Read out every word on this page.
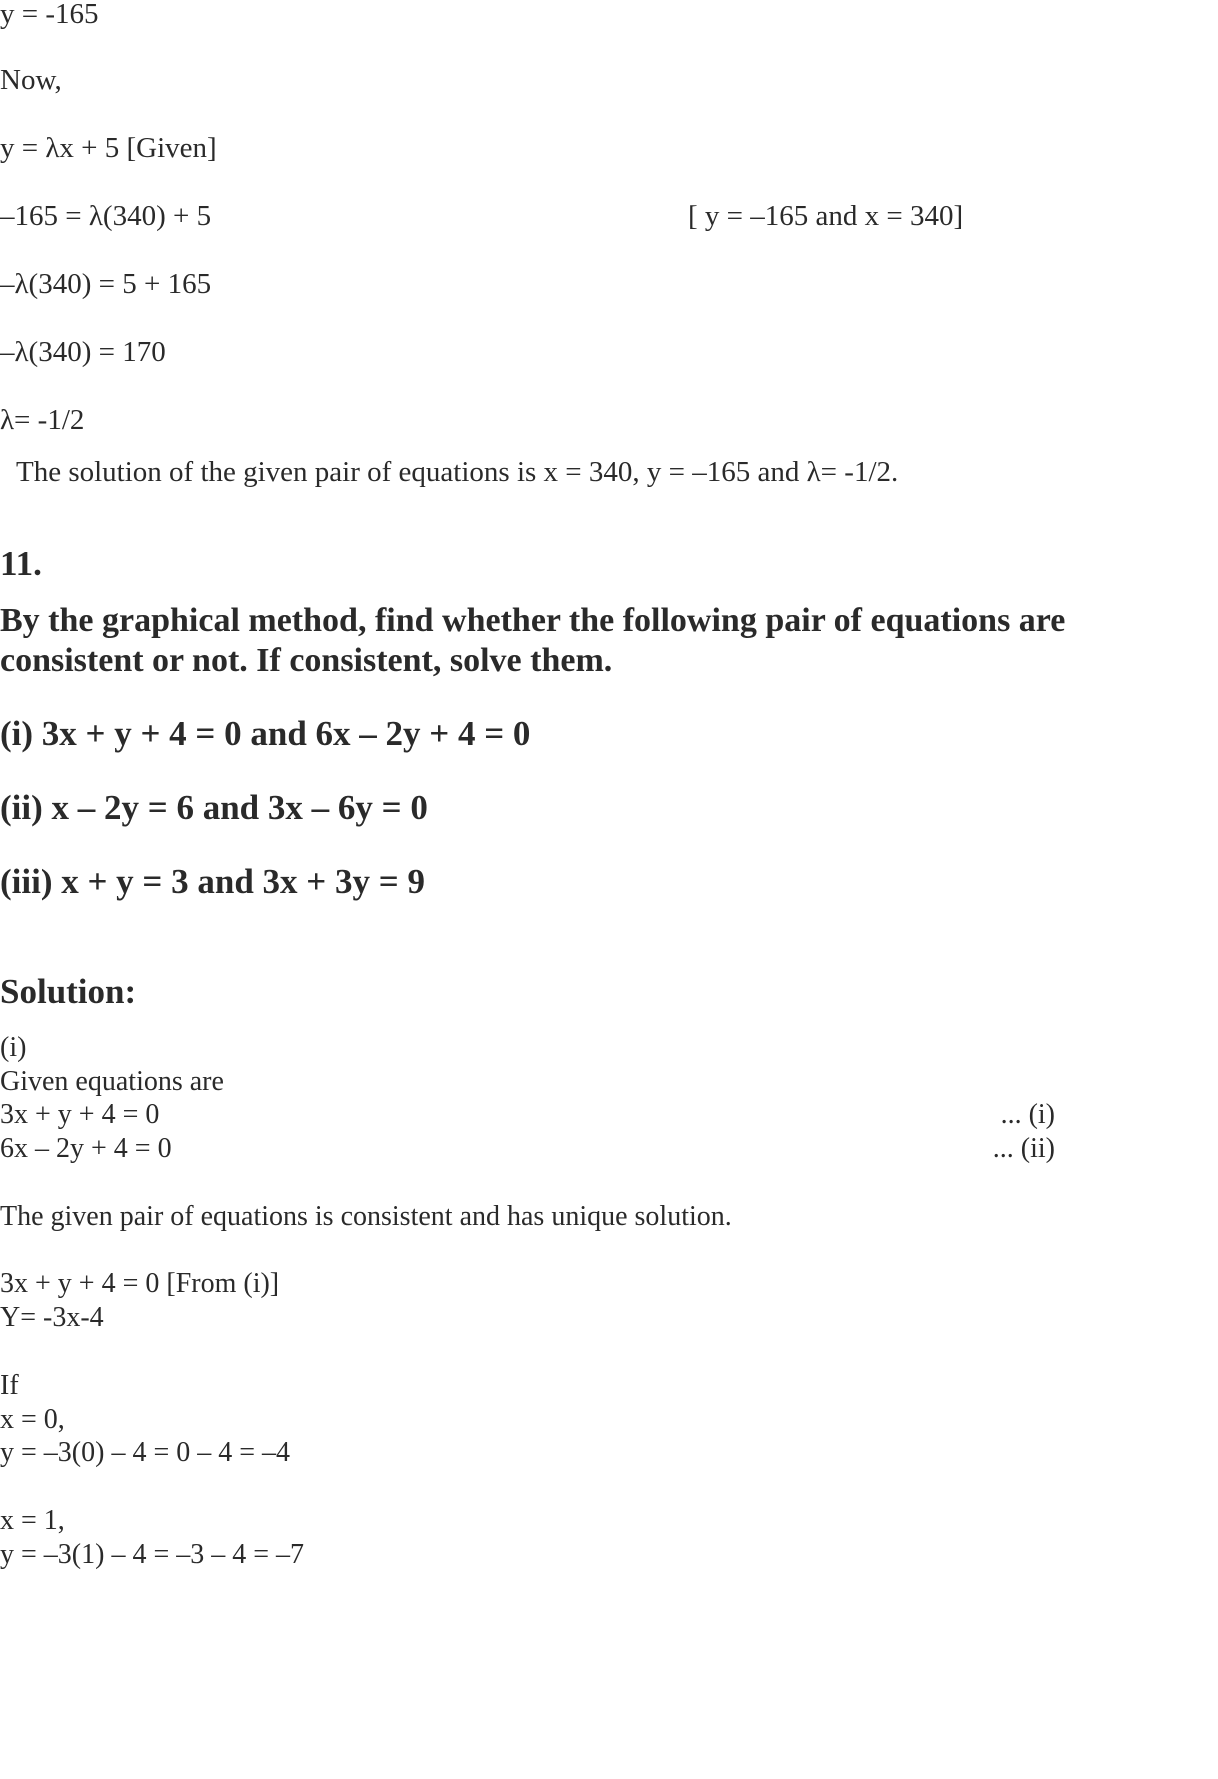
y = -165
Now,
y = λx + 5 [Given]
–165 = λ(340) + 5	[ y = –165 and x = 340]
–λ(340) = 5 + 165
–λ(340) = 170
λ= -1/2
The solution of the given pair of equations is x = 340, y = –165 and λ= -1/2.
11.
By the graphical method, find whether the following pair of equations are
consistent or not. If consistent, solve them.
(i) 3x + y + 4 = 0 and 6x – 2y + 4 = 0
(ii) x – 2y = 6 and 3x – 6y = 0
(iii) x + y = 3 and 3x + 3y = 9
Solution:
(i)
Given equations are
3x + y + 4 = 0	... (i)
6x – 2y + 4 = 0	... (ii)
The given pair of equations is consistent and has unique solution.
3x + y + 4 = 0 [From (i)]
Y= -3x-4
If
x = 0,
y = –3(0) – 4 = 0 – 4 = –4
x = 1,
y = –3(1) – 4 = –3 – 4 = –7
